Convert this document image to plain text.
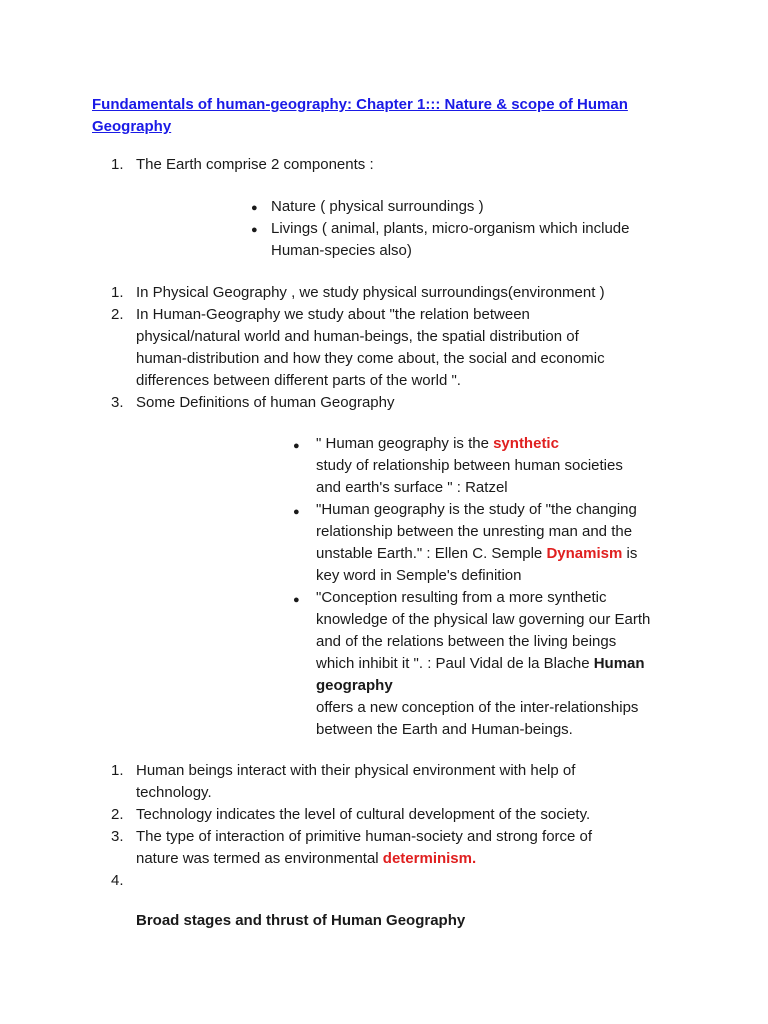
Fundamentals of human-geography: Chapter 1::: Nature & scope of Human Geography
1. The Earth comprise 2 components :
● Nature ( physical surroundings )
● Livings ( animal, plants, micro-organism which include
Human-species also)
1. In Physical Geography , we study physical surroundings(environment )
2. In Human-Geography we study about "the relation between
physical/natural world and human-beings, the spatial distribution of
human-distribution and how they come about, the social and economic
differences between different parts of the world ".
3. Some Definitions of human Geography
● " Human geography is the synthetic
study of relationship between human societies
and earth's surface " : Ratzel
● "Human geography is the study of "the changing
relationship between the unresting man and the
unstable Earth." : Ellen C. Semple Dynamism is
key word in Semple's definition
● "Conception resulting from a more synthetic
knowledge of the physical law governing our Earth
and of the relations between the living beings
which inhibit it ". : Paul Vidal de la Blache Human
geography
offers a new conception of the inter-relationships
between the Earth and Human-beings.
1. Human beings interact with their physical environment with help of
technology.
2. Technology indicates the level of cultural development of the society.
3. The type of interaction of primitive human-society and strong force of
nature was termed as environmental determinism.
4.
Broad stages and thrust of Human Geography
